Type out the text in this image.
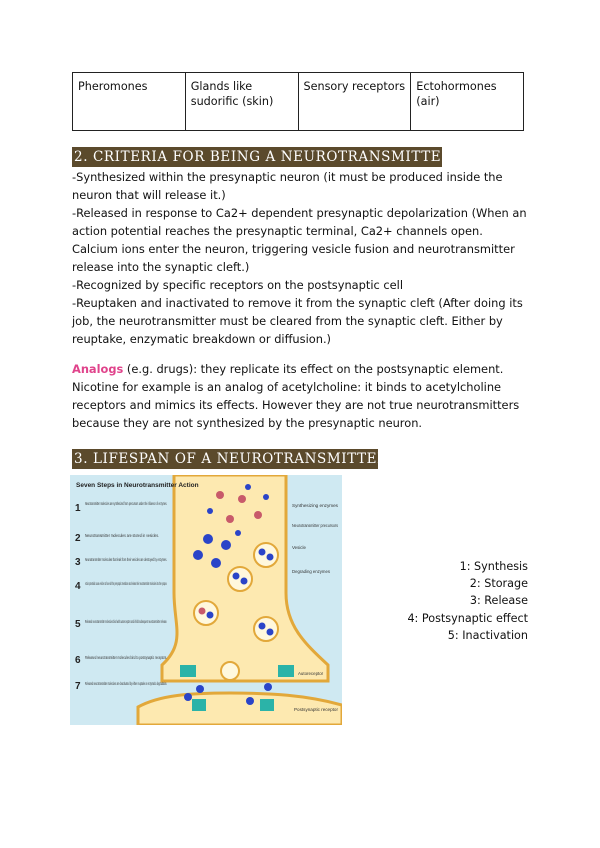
Pheromones	Glands like sudorific (skin)	Sensory receptors	Ectohormones (air)
2. CRITERIA FOR BEING A NEUROTRANSMITTER

-Synthesized within the presynaptic neuron (it must be produced inside the neuron that will release it.)

-Released in response to Ca2+ dependent presynaptic depolarization (When an action potential reaches the presynaptic terminal, Ca2+ channels open. Calcium ions enter the neuron, triggering vesicle fusion and neurotransmitter release into the synaptic cleft.)

-Recognized by specific receptors on the postsynaptic cell

-Reuptaken and inactivated to remove it from the synaptic cleft (After doing its job, the neurotransmitter must be cleared from the synaptic cleft. Either by reuptake, enzymatic breakdown or diffusion.)

Analogs (e.g. drugs): they replicate its effect on the postsynaptic element. Nicotine for example is an analog of acetylcholine: it binds to acetylcholine receptors and mimics its effects. However they are not true neurotransmitters because they are not synthesized by the presynaptic neuron.

3. LIFESPAN OF A NEUROTRANSMITTER
Seven Steps in Neurotransmitter Action
1 Neurotransmitter molecules are synthesized from precursors under the influence of enzymes.
2 Neurotransmitter molecules are stored in vesicles.
3 Neurotransmitter molecules that leak from their vesicles are destroyed by enzymes.
4 Action potentials cause vesicles to fuse with the presynaptic membrane and release their neurotransmitter molecules into the synapse.
5 Released neurotransmitter molecules bind with autoreceptors and inhibit subsequent neurotransmitter release.
6 Released neurotransmitter molecules bind to postsynaptic receptors.
7 Released neurotransmitter molecules are deactivated by either reuptake or enzymatic degradation.
Synthesizing enzymes
Neurotransmitter precursors
Vesicle
Degrading enzymes
Autoreceptor
Postsynaptic receptor
1: Synthesis
2: Storage
3: Release
4: Postsynaptic effect
5: Inactivation
